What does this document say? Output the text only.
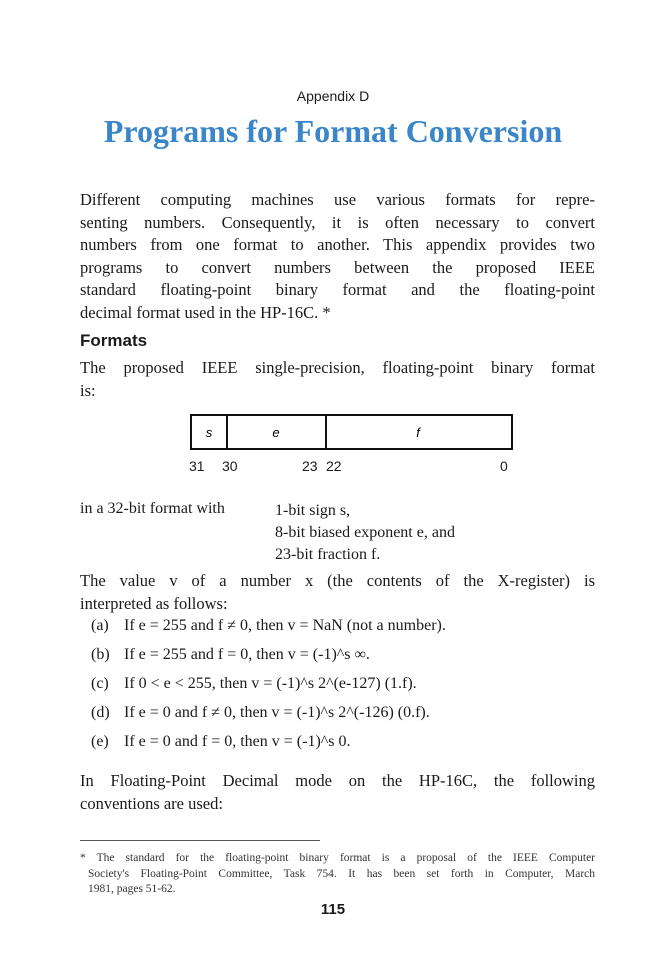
Appendix D
Programs for Format Conversion
Different computing machines use various formats for repre-
senting numbers. Consequently, it is often necessary to convert
numbers from one format to another. This appendix provides two
programs to convert numbers between the proposed IEEE
standard floating-point binary format and the floating-point
decimal format used in the HP-16C. *
Formats
The proposed IEEE single-precision, floating-point binary format
is:
s	e	f
31 30	23 22	0
in a 32-bit format with	1-bit sign s,
8-bit biased exponent e, and
23-bit fraction f.
The value v of a number x (the contents of the X-register) is
interpreted as follows:
(a) If e = 255 and f ≠ 0, then v = NaN (not a number).
(b) If e = 255 and f = 0, then v = (-1)^s ∞.
(c) If 0 < e < 255, then v = (-1)^s 2^(e-127) (1.f).
(d) If e = 0 and f ≠ 0, then v = (-1)^s 2^(-126) (0.f).
(e) If e = 0 and f = 0, then v = (-1)^s 0.
In Floating-Point Decimal mode on the HP-16C, the following
conventions are used:
* The standard for the floating-point binary format is a proposal of the IEEE Computer
Society's Floating-Point Committee, Task 754. It has been set forth in Computer, March
1981, pages 51-62.
115
